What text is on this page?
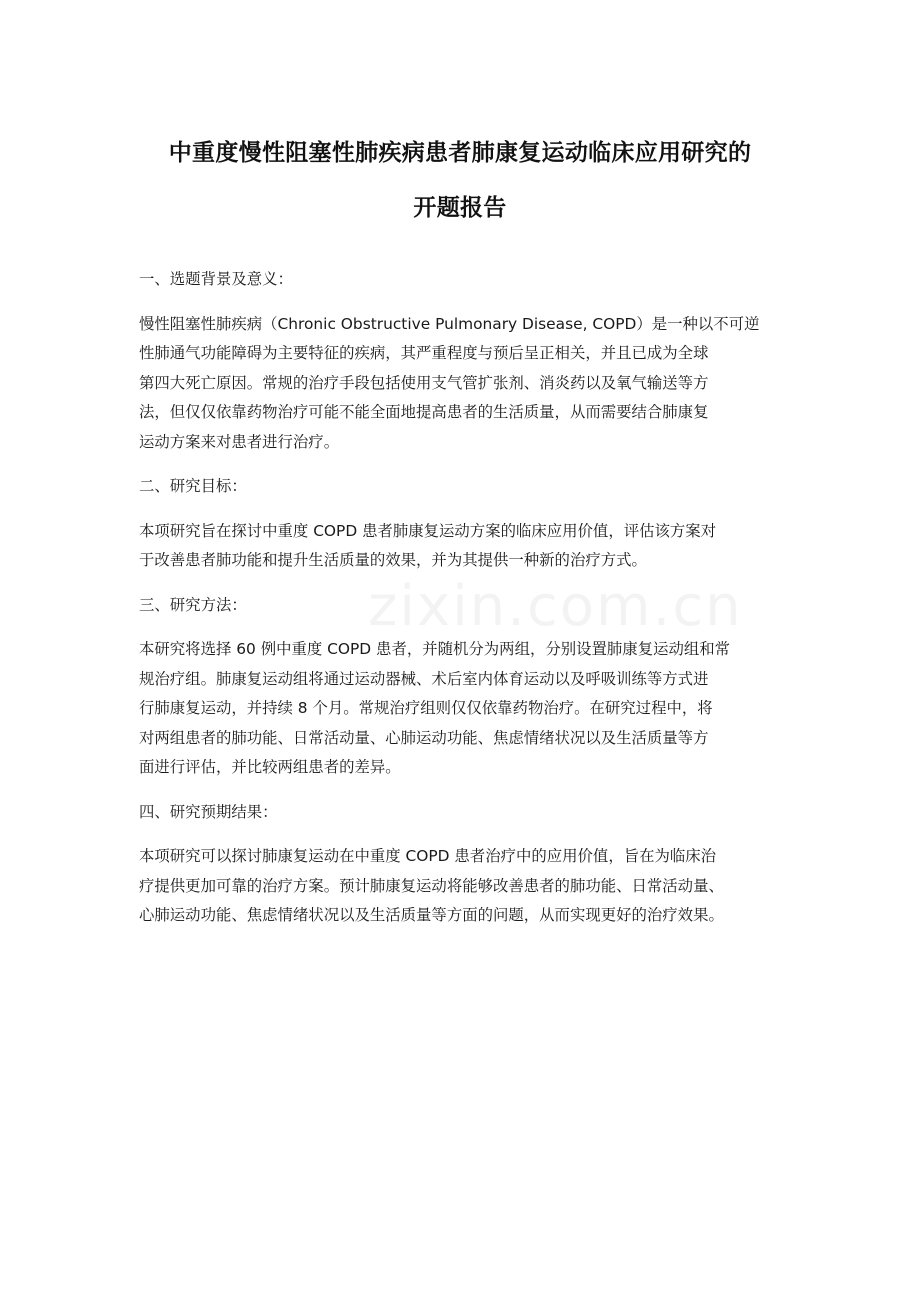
中重度慢性阻塞性肺疾病患者肺康复运动临床应用研究的
开题报告
一、选题背景及意义：
慢性阻塞性肺疾病（Chronic Obstructive Pulmonary Disease, COPD）是一种以不可逆
性肺通气功能障碍为主要特征的疾病，其严重程度与预后呈正相关，并且已成为全球
第四大死亡原因。常规的治疗手段包括使用支气管扩张剂、消炎药以及氧气输送等方
法，但仅仅依靠药物治疗可能不能全面地提高患者的生活质量，从而需要结合肺康复
运动方案来对患者进行治疗。
二、研究目标：
本项研究旨在探讨中重度 COPD 患者肺康复运动方案的临床应用价值，评估该方案对
于改善患者肺功能和提升生活质量的效果，并为其提供一种新的治疗方式。
三、研究方法：
本研究将选择 60 例中重度 COPD 患者，并随机分为两组，分别设置肺康复运动组和常
规治疗组。肺康复运动组将通过运动器械、术后室内体育运动以及呼吸训练等方式进
行肺康复运动，并持续 8 个月。常规治疗组则仅仅依靠药物治疗。在研究过程中，将
对两组患者的肺功能、日常活动量、心肺运动功能、焦虑情绪状况以及生活质量等方
面进行评估，并比较两组患者的差异。
四、研究预期结果：
本项研究可以探讨肺康复运动在中重度 COPD 患者治疗中的应用价值，旨在为临床治
疗提供更加可靠的治疗方案。预计肺康复运动将能够改善患者的肺功能、日常活动量、
心肺运动功能、焦虑情绪状况以及生活质量等方面的问题，从而实现更好的治疗效果。
